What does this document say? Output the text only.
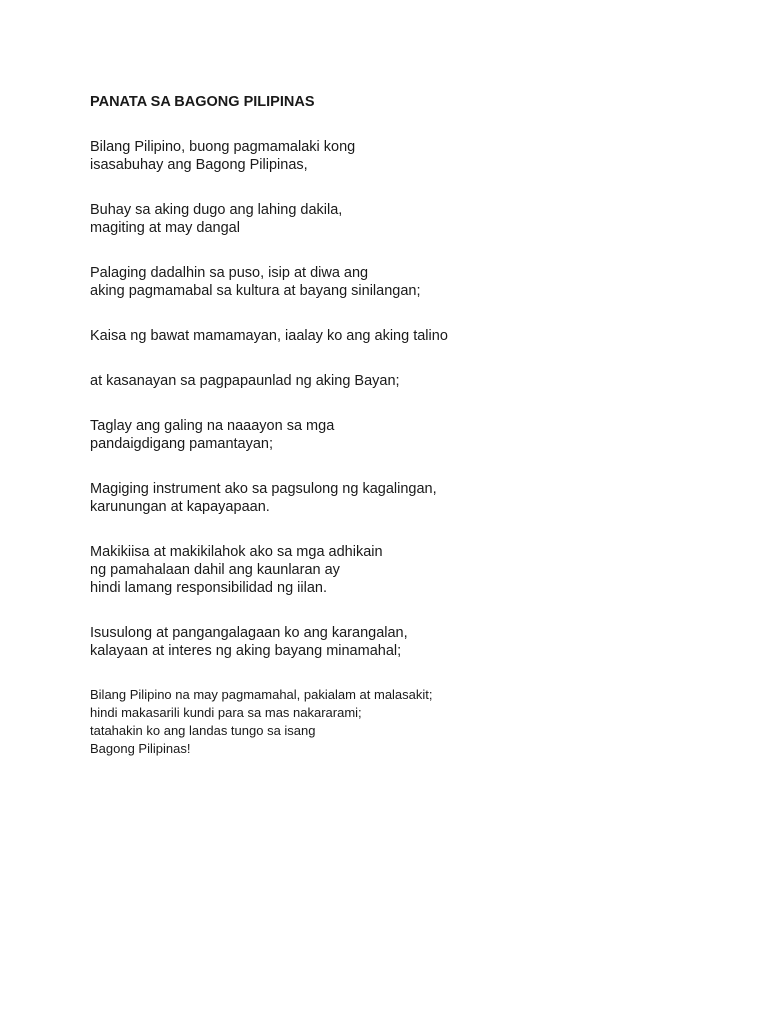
PANATA SA BAGONG PILIPINAS
Bilang Pilipino, buong pagmamalaki kong
isasabuhay ang Bagong Pilipinas,
Buhay sa aking dugo ang lahing dakila,
magiting at may dangal
Palaging dadalhin sa puso, isip at diwa ang
aking pagmamabal sa kultura at bayang sinilangan;
Kaisa ng bawat mamamayan, iaalay ko ang aking talino
at kasanayan sa pagpapaunlad ng aking Bayan;
Taglay ang galing na naaayon sa mga
pandaigdigang pamantayan;
Magiging instrument ako sa pagsulong ng kagalingan,
karunungan at kapayapaan.
Makikiisa at makikilahok ako sa mga adhikain
ng pamahalaan dahil ang kaunlaran ay
hindi lamang responsibilidad ng iilan.
Isusulong at pangangalagaan ko ang karangalan,
kalayaan at interes ng aking bayang minamahal;
Bilang Pilipino na may pagmamahal, pakialam at malasakit;
hindi makasarili kundi para sa mas nakararami;
tatahakin ko ang landas tungo sa isang
Bagong Pilipinas!
